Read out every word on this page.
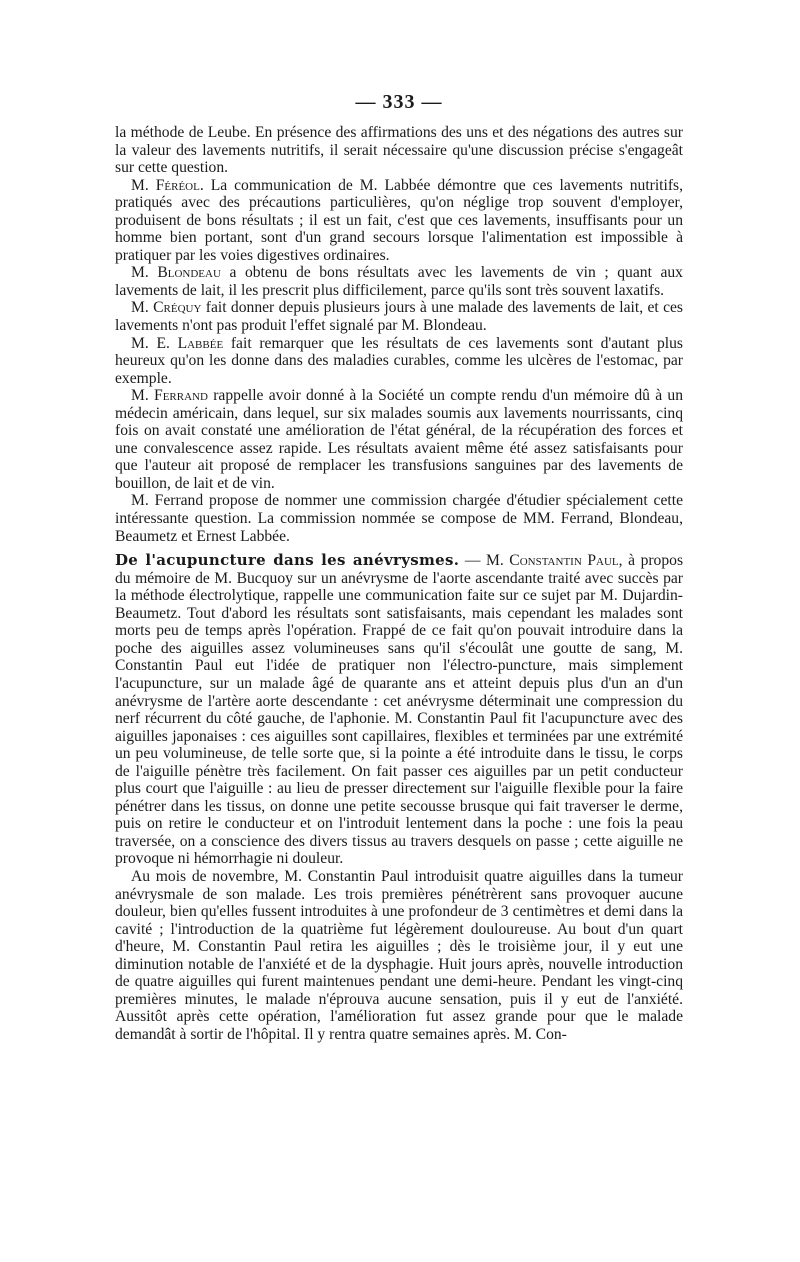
— 333 —

la méthode de Leube. En présence des affirmations des uns et des négations des autres sur la valeur des lavements nutritifs, il serait nécessaire qu'une discussion précise s'engageât sur cette question.

M. Féréol. La communication de M. Labbée démontre que ces lavements nutritifs, pratiqués avec des précautions particulières, qu'on néglige trop souvent d'employer, produisent de bons résultats ; il est un fait, c'est que ces lavements, insuffisants pour un homme bien portant, sont d'un grand secours lorsque l'alimentation est impossible à pratiquer par les voies digestives ordinaires.

M. Blondeau a obtenu de bons résultats avec les lavements de vin ; quant aux lavements de lait, il les prescrit plus difficilement, parce qu'ils sont très souvent laxatifs.

M. Créquy fait donner depuis plusieurs jours à une malade des lavements de lait, et ces lavements n'ont pas produit l'effet signalé par M. Blondeau.

M. E. Labbée fait remarquer que les résultats de ces lavements sont d'autant plus heureux qu'on les donne dans des maladies curables, comme les ulcères de l'estomac, par exemple.

M. Ferrand rappelle avoir donné à la Société un compte rendu d'un mémoire dû à un médecin américain, dans lequel, sur six malades soumis aux lavements nourrissants, cinq fois on avait constaté une amélioration de l'état général, de la récupération des forces et une convalescence assez rapide. Les résultats avaient même été assez satisfaisants pour que l'auteur ait proposé de remplacer les transfusions sanguines par des lavements de bouillon, de lait et de vin.

M. Ferrand propose de nommer une commission chargée d'étudier spécialement cette intéressante question. La commission nommée se compose de MM. Ferrand, Blondeau, Beaumetz et Ernest Labbée.

De l'acupuncture dans les anévrysmes. — M. Constantin Paul, à propos du mémoire de M. Bucquoy sur un anévrysme de l'aorte ascendante traité avec succès par la méthode électrolytique, rappelle une communication faite sur ce sujet par M. Dujardin-Beaumetz. Tout d'abord les résultats sont satisfaisants, mais cependant les malades sont morts peu de temps après l'opération. Frappé de ce fait qu'on pouvait introduire dans la poche des aiguilles assez volumineuses sans qu'il s'écoulât une goutte de sang, M. Constantin Paul eut l'idée de pratiquer non l'électro-puncture, mais simplement l'acupuncture, sur un malade âgé de quarante ans et atteint depuis plus d'un an d'un anévrysme de l'artère aorte descendante : cet anévrysme déterminait une compression du nerf récurrent du côté gauche, de l'aphonie. M. Constantin Paul fit l'acupuncture avec des aiguilles japonaises : ces aiguilles sont capillaires, flexibles et terminées par une extrémité un peu volumineuse, de telle sorte que, si la pointe a été introduite dans le tissu, le corps de l'aiguille pénètre très facilement. On fait passer ces aiguilles par un petit conducteur plus court que l'aiguille : au lieu de presser directement sur l'aiguille flexible pour la faire pénétrer dans les tissus, on donne une petite secousse brusque qui fait traverser le derme, puis on retire le conducteur et on l'introduit lentement dans la poche : une fois la peau traversée, on a conscience des divers tissus au travers desquels on passe ; cette aiguille ne provoque ni hémorrhagie ni douleur.

Au mois de novembre, M. Constantin Paul introduisit quatre aiguilles dans la tumeur anévrysmale de son malade. Les trois premières pénétrèrent sans provoquer aucune douleur, bien qu'elles fussent introduites à une profondeur de 3 centimètres et demi dans la cavité ; l'introduction de la quatrième fut légèrement douloureuse. Au bout d'un quart d'heure, M. Constantin Paul retira les aiguilles ; dès le troisième jour, il y eut une diminution notable de l'anxiété et de la dysphagie. Huit jours après, nouvelle introduction de quatre aiguilles qui furent maintenues pendant une demi-heure. Pendant les vingt-cinq premières minutes, le malade n'éprouva aucune sensation, puis il y eut de l'anxiété. Aussitôt après cette opération, l'amélioration fut assez grande pour que le malade demandât à sortir de l'hôpital. Il y rentra quatre semaines après. M. Con-
